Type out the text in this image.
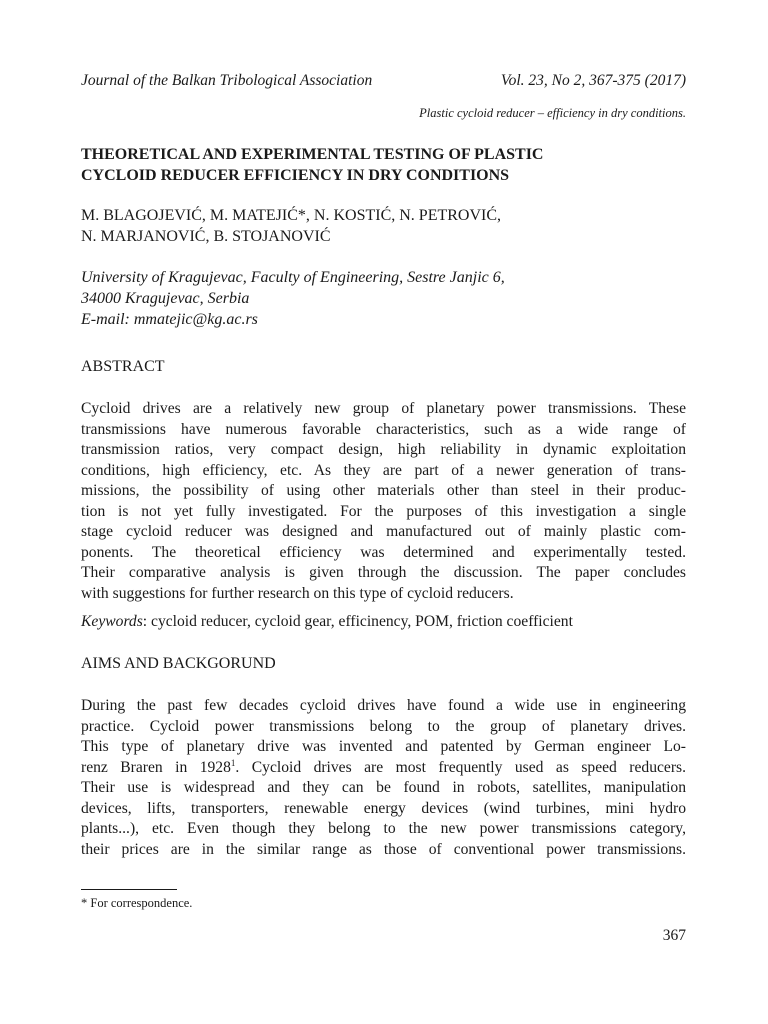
Journal of the Balkan Tribological Association	Vol. 23, No 2, 367-375 (2017)
Plastic cycloid reducer – efficiency in dry conditions.
THEORETICAL AND EXPERIMENTAL TESTING OF PLASTIC
CYCLOID REDUCER EFFICIENCY IN DRY CONDITIONS
M. BLAGOJEVIĆ, M. MATEJIĆ*, N. KOSTIĆ, N. PETROVIĆ,
N. MARJANOVIĆ, B. STOJANOVIĆ
University of Kragujevac, Faculty of Engineering, Sestre Janjic 6,
34000 Kragujevac, Serbia
E-mail: mmatejic@kg.ac.rs
ABSTRACT
Cycloid drives are a relatively new group of planetary power transmissions. These
transmissions have numerous favorable characteristics, such as a wide range of
transmission ratios, very compact design, high reliability in dynamic exploitation
conditions, high efficiency, etc. As they are part of a newer generation of trans-
missions, the possibility of using other materials other than steel in their produc-
tion is not yet fully investigated. For the purposes of this investigation a single
stage cycloid reducer was designed and manufactured out of mainly plastic com-
ponents. The theoretical efficiency was determined and experimentally tested.
Their comparative analysis is given through the discussion. The paper concludes
with suggestions for further research on this type of cycloid reducers.
Keywords: cycloid reducer, cycloid gear, efficinency, POM, friction coefficient
AIMS AND BACKGORUND
During the past few decades cycloid drives have found a wide use in engineering
practice. Cycloid power transmissions belong to the group of planetary drives.
This type of planetary drive was invented and patented by German engineer Lo-
renz Braren in 1928$^1$. Cycloid drives are most frequently used as speed reducers.
Their use is widespread and they can be found in robots, satellites, manipulation
devices, lifts, transporters, renewable energy devices (wind turbines, mini hydro
plants...), etc. Even though they belong to the new power transmissions category,
their prices are in the similar range as those of conventional power transmissions.
* For correspondence.
367
